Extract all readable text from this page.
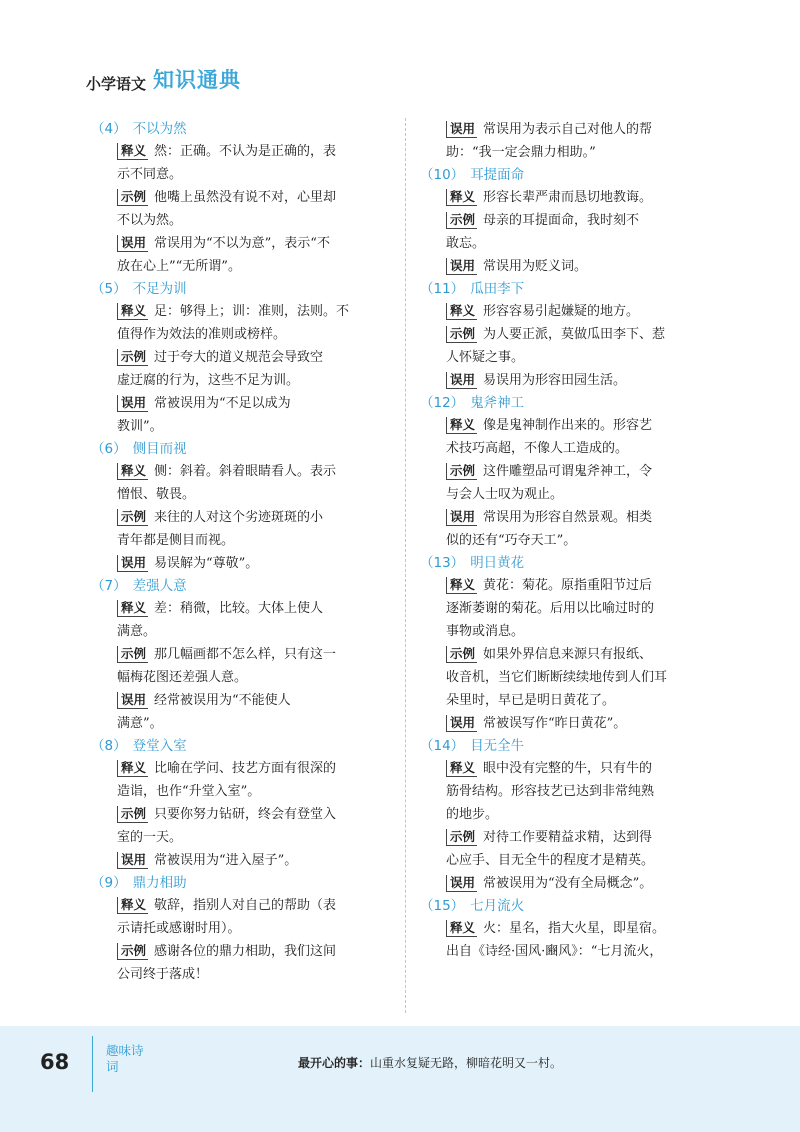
小学语文 知识通典
（4） 不以为然
释义 然：正确。不认为是正确的，表
示不同意。
示例 他嘴上虽然没有说不对，心里却
不以为然。
误用 常误用为“不以为意”，表示“不
放在心上”“无所谓”。
（5） 不足为训
释义 足：够得上；训：准则，法则。不
值得作为效法的准则或榜样。
示例 过于夸大的道义规范会导致空
虚迂腐的行为，这些不足为训。
误用 常被误用为“不足以成为
教训”。
（6） 侧目而视
释义 侧：斜着。斜着眼睛看人。表示
憎恨、敬畏。
示例 来往的人对这个劣迹斑斑的小
青年都是侧目而视。
误用 易误解为“尊敬”。
（7） 差强人意
释义 差：稍微，比较。大体上使人
满意。
示例 那几幅画都不怎么样，只有这一
幅梅花图还差强人意。
误用 经常被误用为“不能使人
满意”。
（8） 登堂入室
释义 比喻在学问、技艺方面有很深的
造诣，也作“升堂入室”。
示例 只要你努力钻研，终会有登堂入
室的一天。
误用 常被误用为“进入屋子”。
（9） 鼎力相助
释义 敬辞，指别人对自己的帮助（表
示请托或感谢时用）。
示例 感谢各位的鼎力相助，我们这间
公司终于落成！
误用 常误用为表示自己对他人的帮
助：“我一定会鼎力相助。”
（10） 耳提面命
释义 形容长辈严肃而恳切地教诲。
示例 母亲的耳提面命，我时刻不
敢忘。
误用 常误用为贬义词。
（11） 瓜田李下
释义 形容容易引起嫌疑的地方。
示例 为人要正派，莫做瓜田李下、惹
人怀疑之事。
误用 易误用为形容田园生活。
（12） 鬼斧神工
释义 像是鬼神制作出来的。形容艺
术技巧高超，不像人工造成的。
示例 这件雕塑品可谓鬼斧神工，令
与会人士叹为观止。
误用 常误用为形容自然景观。相类
似的还有“巧夺天工”。
（13） 明日黄花
释义 黄花：菊花。原指重阳节过后
逐渐萎谢的菊花。后用以比喻过时的
事物或消息。
示例 如果外界信息来源只有报纸、
收音机，当它们断断续续地传到人们耳
朵里时，早已是明日黄花了。
误用 常被误写作“昨日黄花”。
（14） 目无全牛
释义 眼中没有完整的牛，只有牛的
筋骨结构。形容技艺已达到非常纯熟
的地步。
示例 对待工作要精益求精，达到得
心应手、目无全牛的程度才是精英。
误用 常被误用为“没有全局概念”。
（15） 七月流火
释义 火：星名，指大火星，即星宿。
出自《诗经·国风·豳风》：“七月流火，
68	趣味诗词	最开心的事：山重水复疑无路，柳暗花明又一村。
